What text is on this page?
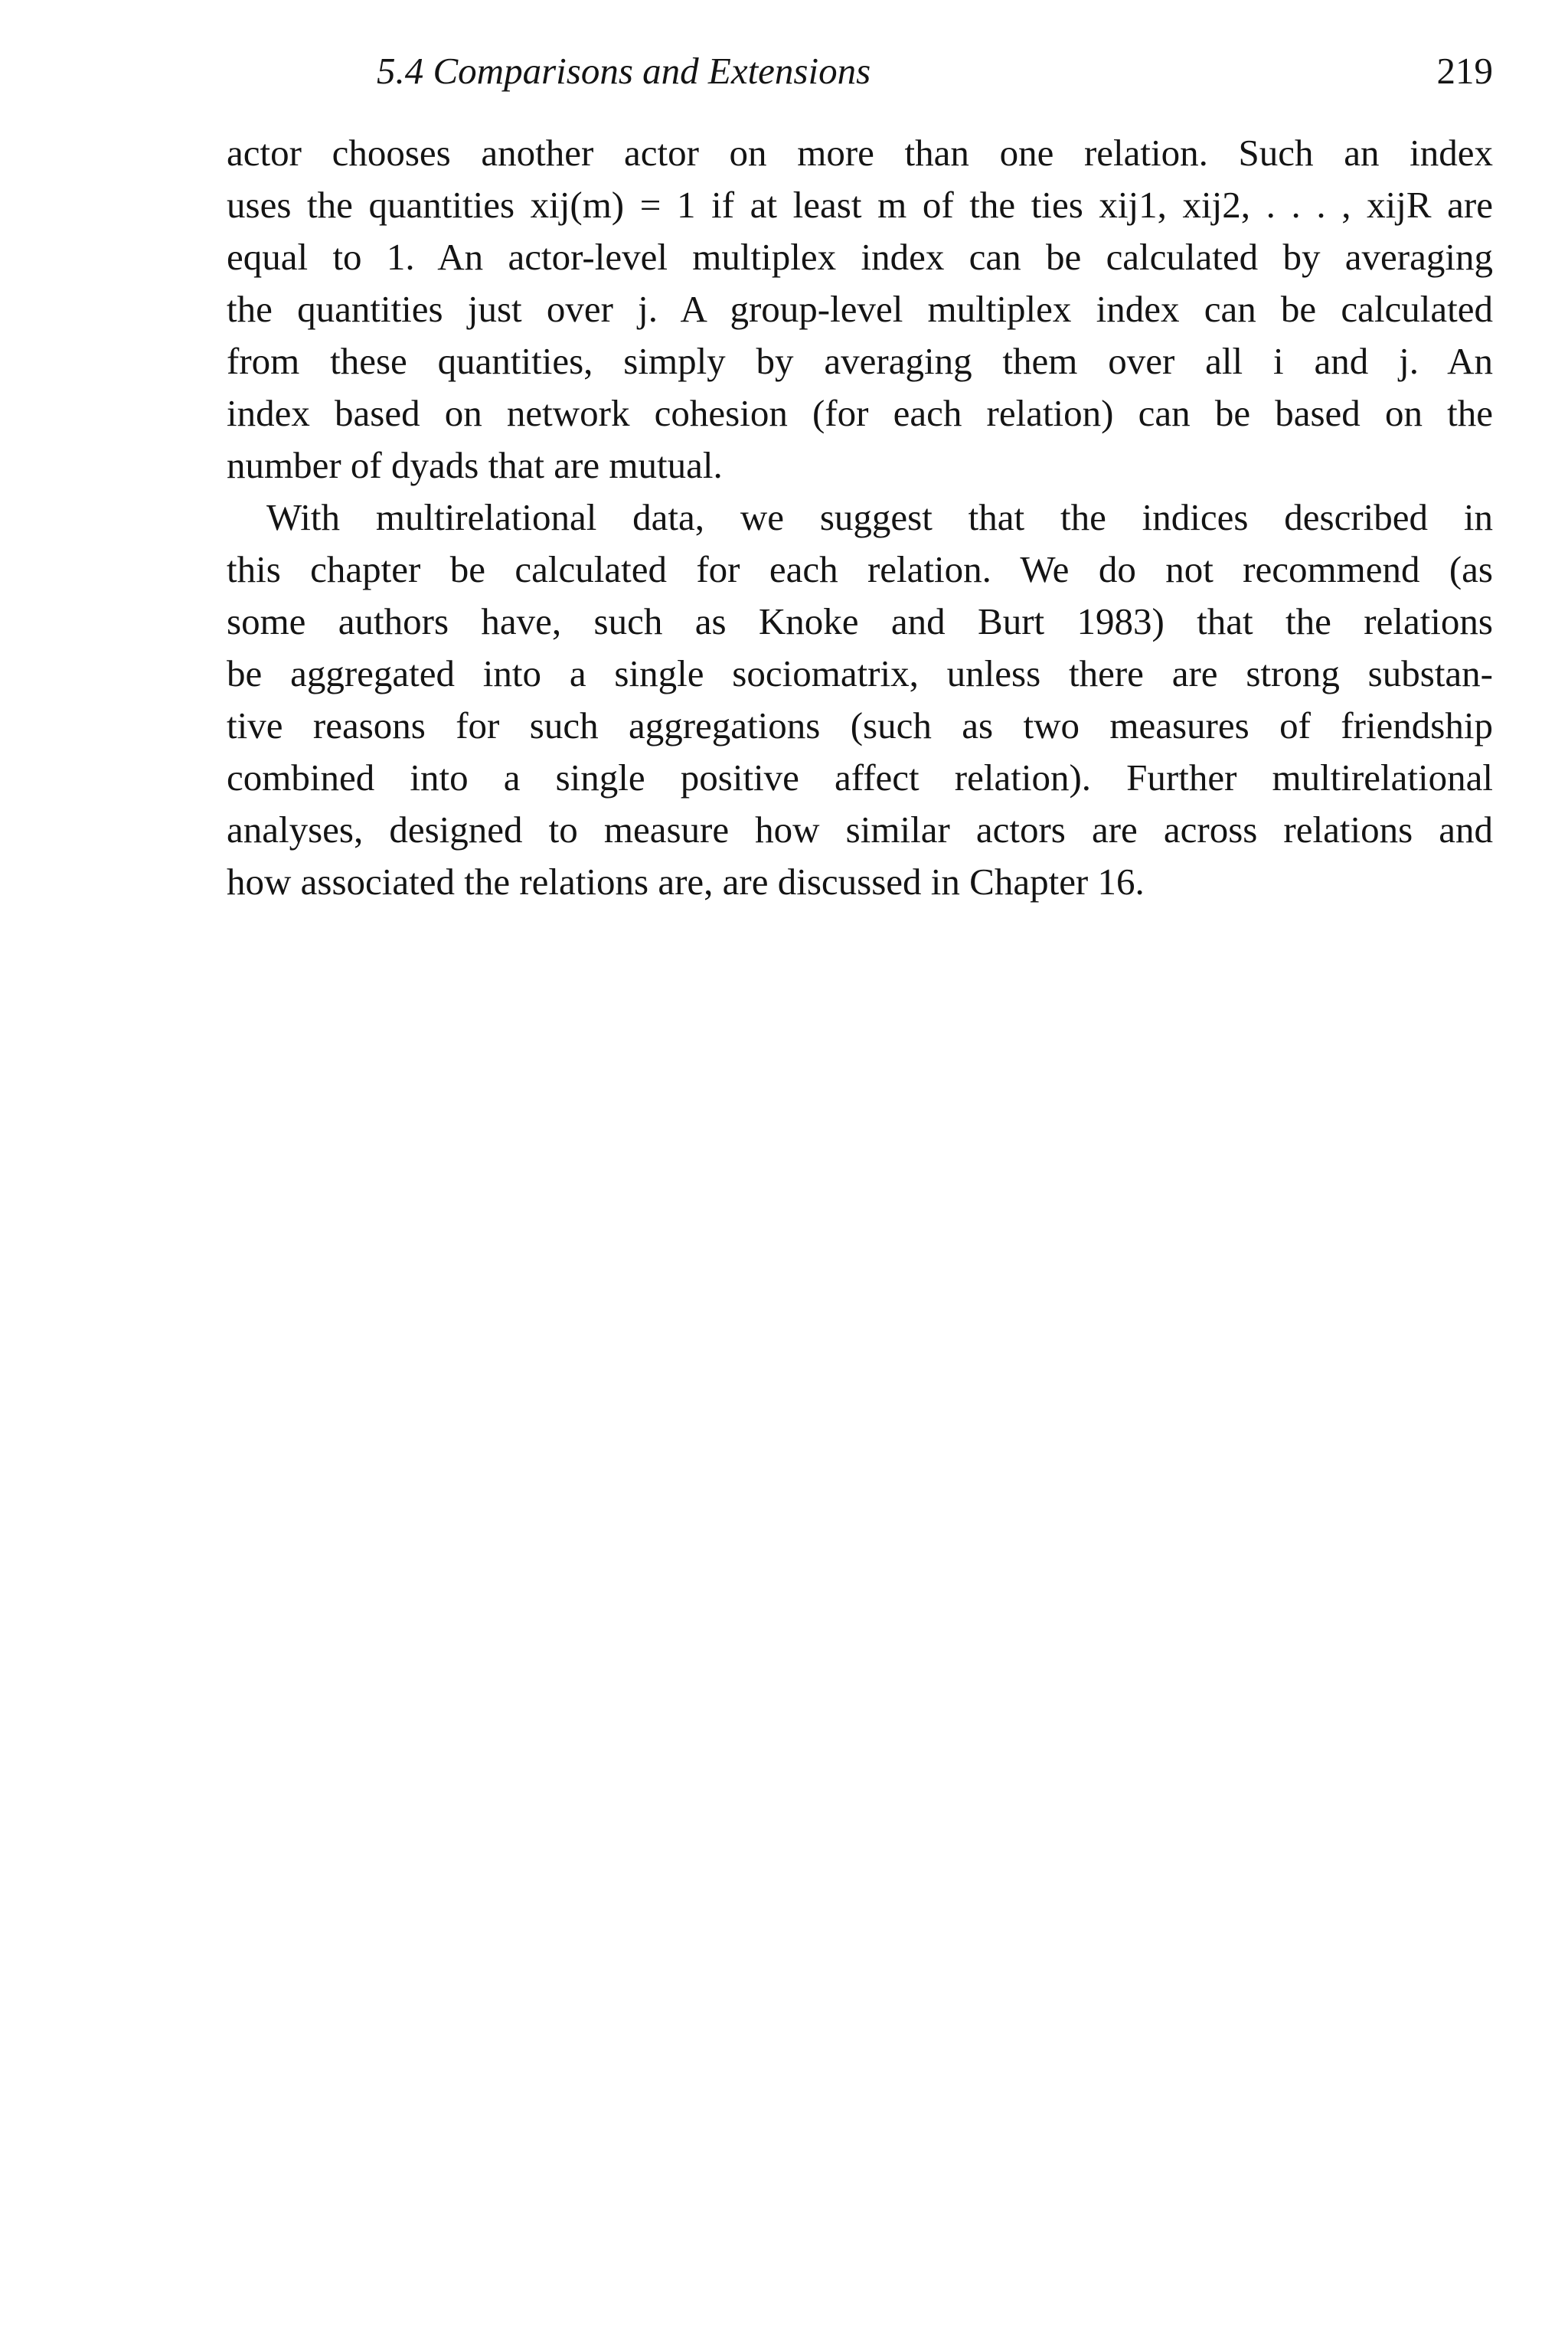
5.4 Comparisons and Extensions	219
actor chooses another actor on more than one relation. Such an index
uses the quantities xij(m) = 1 if at least m of the ties xij1, xij2, . . . , xijR are
equal to 1. An actor-level multiplex index can be calculated by averaging
the quantities just over j. A group-level multiplex index can be calculated
from these quantities, simply by averaging them over all i and j. An
index based on network cohesion (for each relation) can be based on the
number of dyads that are mutual.
With multirelational data, we suggest that the indices described in
this chapter be calculated for each relation. We do not recommend (as
some authors have, such as Knoke and Burt 1983) that the relations
be aggregated into a single sociomatrix, unless there are strong substan-
tive reasons for such aggregations (such as two measures of friendship
combined into a single positive affect relation). Further multirelational
analyses, designed to measure how similar actors are across relations and
how associated the relations are, are discussed in Chapter 16.
